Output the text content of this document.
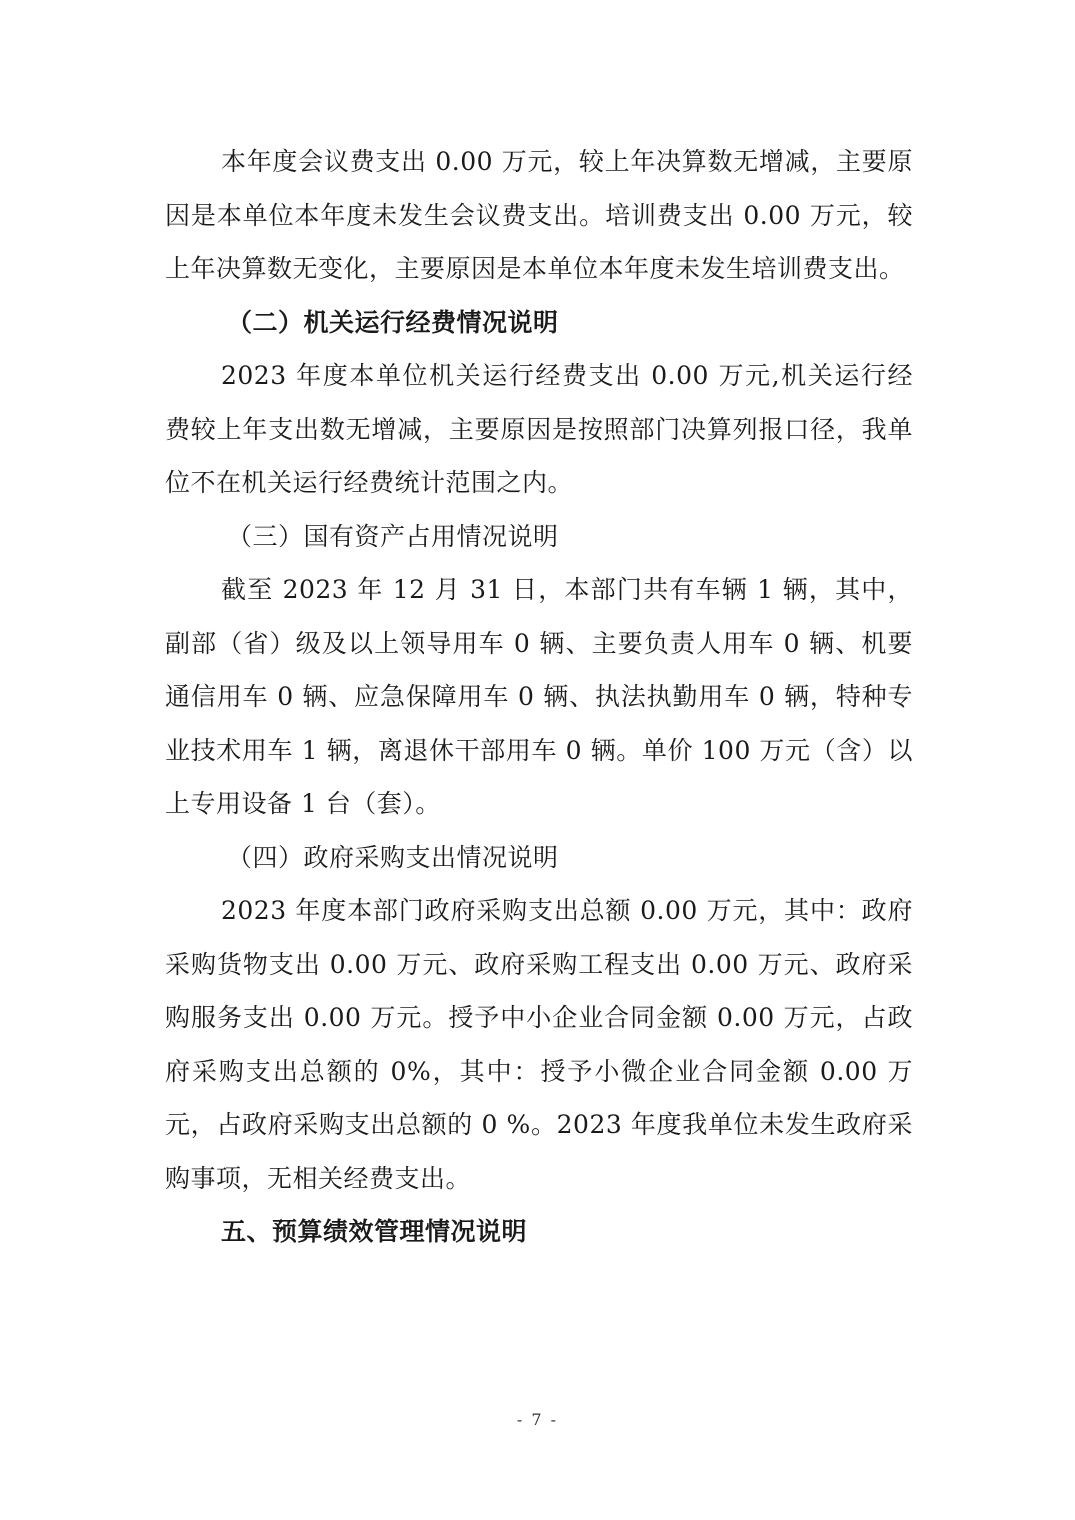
本年度会议费支出 0.00 万元，较上年决算数无增减，主要原因是本单位本年度未发生会议费支出。培训费支出 0.00 万元，较上年决算数无变化，主要原因是本单位本年度未发生培训费支出。

（二）机关运行经费情况说明

2023 年度本单位机关运行经费支出 0.00 万元,机关运行经费较上年支出数无增减，主要原因是按照部门决算列报口径，我单位不在机关运行经费统计范围之内。

（三）国有资产占用情况说明

截至 2023 年 12 月 31 日，本部门共有车辆 1 辆，其中，副部（省）级及以上领导用车 0 辆、主要负责人用车 0 辆、机要通信用车 0 辆、应急保障用车 0 辆、执法执勤用车 0 辆，特种专业技术用车 1 辆，离退休干部用车 0 辆。单价 100 万元（含）以上专用设备 1 台（套）。

（四）政府采购支出情况说明

2023 年度本部门政府采购支出总额 0.00 万元，其中：政府采购货物支出 0.00 万元、政府采购工程支出 0.00 万元、政府采购服务支出 0.00 万元。授予中小企业合同金额 0.00 万元，占政府采购支出总额的 0%，其中：授予小微企业合同金额 0.00 万元，占政府采购支出总额的 0 %。2023 年度我单位未发生政府采购事项，无相关经费支出。

五、预算绩效管理情况说明

- 7 -
